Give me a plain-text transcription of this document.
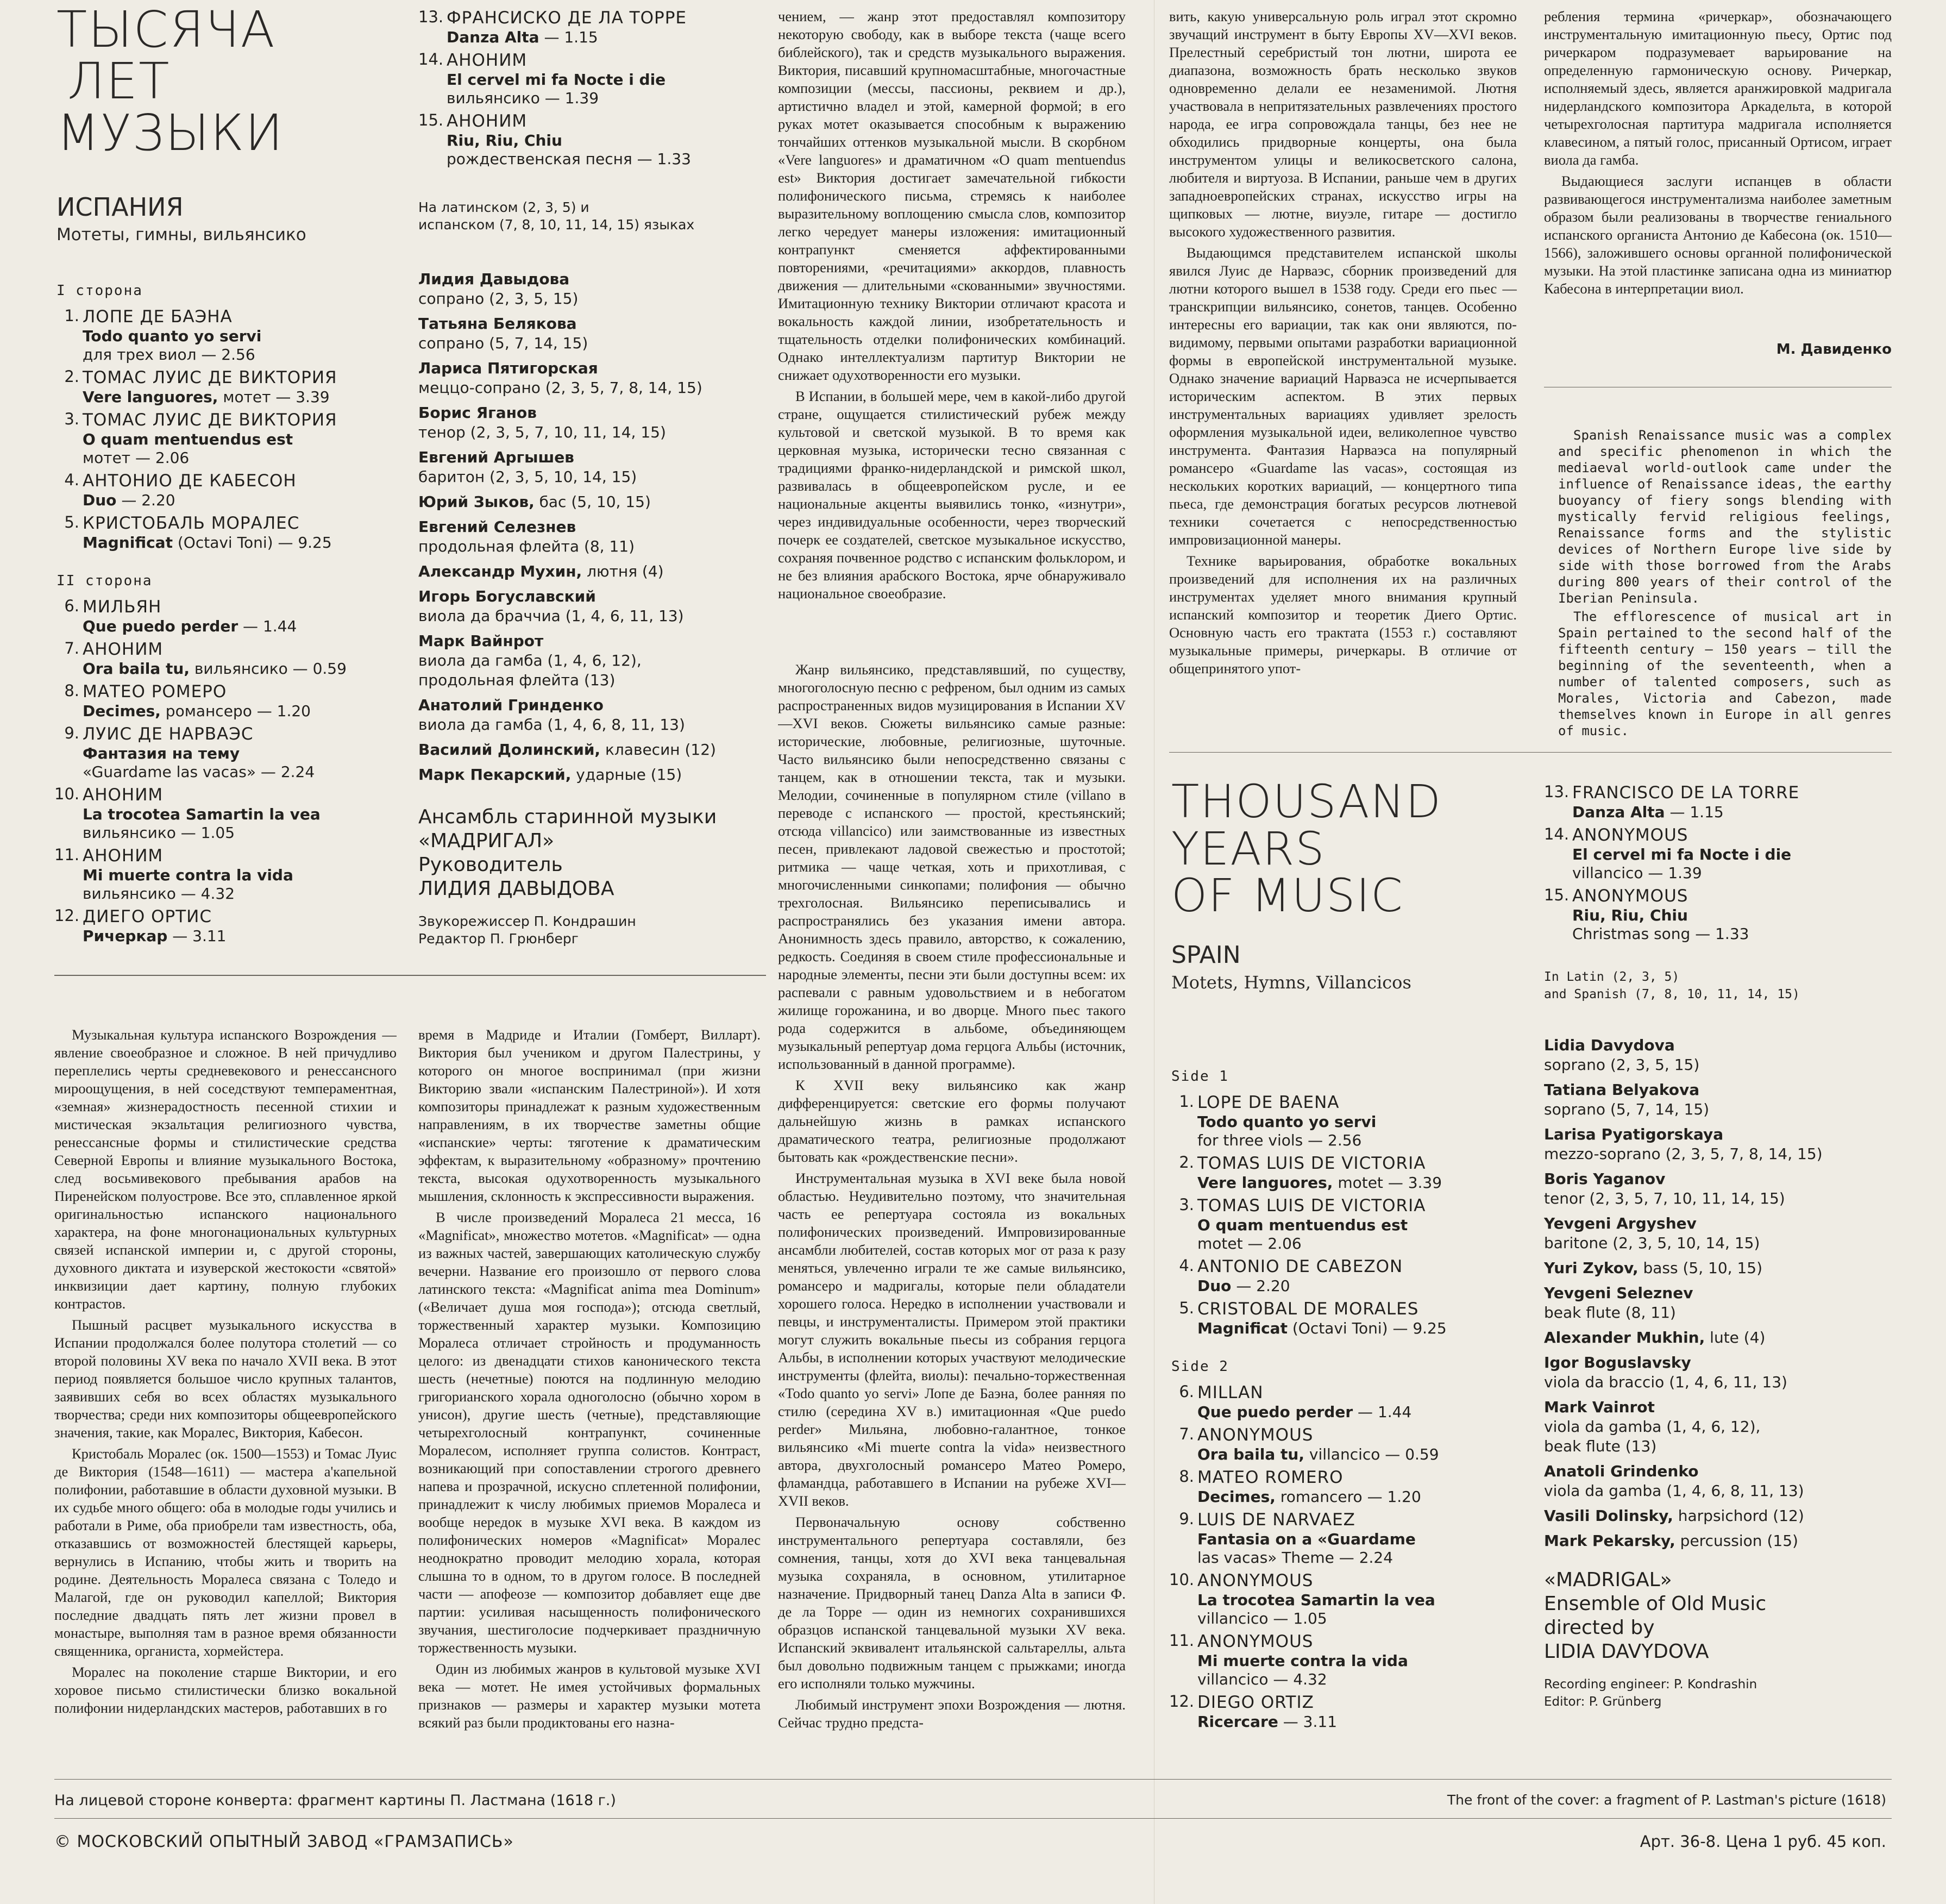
ТЫСЯЧА
ЛЕТ
МУЗЫКИ
ИСПАНИЯ
Мотеты, гимны, вильянсико
I сторона
1. ЛОПЕ ДЕ БАЭНА
Todo quanto yo servi
для трех виол — 2.56
2. ТОМАС ЛУИС ДЕ ВИКТОРИЯ
Vere languores, мотет — 3.39
3. ТОМАС ЛУИС ДЕ ВИКТОРИЯ
O quam mentuendus est
мотет — 2.06
4. АНТОНИО ДЕ КАБЕСОН
Duo — 2.20
5. КРИСТОБАЛЬ МОРАЛЕС
Magnificat (Octavi Toni) — 9.25
II сторона
6. МИЛЬЯН
Que puedo perder — 1.44
7. АНОНИМ
Ora baila tu, вильянсико — 0.59
8. МАТЕО РОМЕРО
Decimes, романсеро — 1.20
9. ЛУИС ДЕ НАРВАЭС
Фантазия на тему
«Guardame las vacas» — 2.24
10. АНОНИМ
La trocotea Samartin la vea
вильянсико — 1.05
11. АНОНИМ
Mi muerte contra la vida
вильянсико — 4.32
12. ДИЕГО ОРТИС
Ричеркар — 3.11
13. ФРАНСИСКО ДЕ ЛА ТОРРЕ
Danza Alta — 1.15
14. АНОНИМ
El cervel mi fa Nocte i die
вильянсико — 1.39
15. АНОНИМ
Riu, Riu, Chiu
рождественская песня — 1.33
На латинском (2, 3, 5) и
испанском (7, 8, 10, 11, 14, 15) языках
Лидия Давыдова
сопрано (2, 3, 5, 15)
Татьяна Белякова
сопрано (5, 7, 14, 15)
Лариса Пятигорская
меццо-сопрано (2, 3, 5, 7, 8, 14, 15)
Борис Яганов
тенор (2, 3, 5, 7, 10, 11, 14, 15)
Евгений Аргышев
баритон (2, 3, 5, 10, 14, 15)
Юрий Зыков, бас (5, 10, 15)
Евгений Селезнев
продольная флейта (8, 11)
Александр Мухин, лютня (4)
Игорь Богуславский
виола да браччиа (1, 4, 6, 11, 13)
Марк Вайнрот
виола да гамба (1, 4, 6, 12),
продольная флейта (13)
Анатолий Гринденко
виола да гамба (1, 4, 6, 8, 11, 13)
Василий Долинский, клавесин (12)
Марк Пекарский, ударные (15)
Ансамбль старинной музыки
«МАДРИГАЛ»
Руководитель
ЛИДИЯ ДАВЫДОВА
Звукорежиссер П. Кондрашин
Редактор П. Грюнберг

Музыкальная культура испанского Возрождения — явление своеобразное и сложное. В ней причудливо переплелись черты средневекового и ренессансного мироощущения, в ней соседствуют темпераментная, «земная» жизнерадостность песенной стихии и мистическая экзальтация религиозного чувства, ренессансные формы и стилистические средства Северной Европы и влияние музыкального Востока, след восьмивекового пребывания арабов на Пиренейском полуострове. Все это, сплавленное яркой оригинальностью испанского национального характера, на фоне многонациональных культурных связей испанской империи и, с другой стороны, духовного диктата и изуверской жестокости «святой» инквизиции дает картину, полную глубоких контрастов.

Пышный расцвет музыкального искусства в Испании продолжался более полутора столетий — со второй половины XV века по начало XVII века. В этот период появляется большое число крупных талантов, заявивших себя во всех областях музыкального творчества; среди них композиторы общеевропейского значения, такие, как Моралес, Виктория, Кабесон.

Кристобаль Моралес (ок. 1500—1553) и Томас Луис де Виктория (1548—1611) — мастера а'капельной полифонии, работавшие в области духовной музыки. В их судьбе много общего: оба в молодые годы учились и работали в Риме, оба приобрели там известность, оба, отказавшись от возможностей блестящей карьеры, вернулись в Испанию, чтобы жить и творить на родине. Деятельность Моралеса связана с Толедо и Малагой, где он руководил капеллой; Виктория последние двадцать пять лет жизни провел в монастыре, выполняя там в разное время обязанности священника, органиста, хормейстера.

Моралес на поколение старше Виктории, и его хоровое письмо стилистически близко вокальной полифонии нидерландских мастеров, работавших в го

время в Мадриде и Италии (Гомберт, Вилларт). Виктория был учеником и другом Палестрины, у которого он многое воспринимал (при жизни Викторию звали «испанским Палестриной»). И хотя композиторы принадлежат к разным художественным направлениям, в их творчестве заметны общие «испанские» черты: тяготение к драматическим эффектам, к выразительному «образному» прочтению текста, высокая одухотворенность музыкального мышления, склонность к экспрессивности выражения.

В числе произведений Моралеса 21 месса, 16 «Magnificat», множество мотетов. «Magnificat» — одна из важных частей, завершающих католическую службу вечерни. Название его произошло от первого слова латинского текста: «Magnificat anima mea Dominum» («Величает душа моя господа»); отсюда светлый, торжественный характер музыки. Композицию Моралеса отличает стройность и продуманность целого: из двенадцати стихов канонического текста шесть (нечетные) поются на подлинную мелодию григорианского хорала одноголосно (обычно хором в унисон), другие шесть (четные), представляющие четырехголосный контрапункт, сочиненные Моралесом, исполняет группа солистов. Контраст, возникающий при сопоставлении строгого древнего напева и прозрачной, искусно сплетенной полифонии, принадлежит к числу любимых приемов Моралеса и вообще нередок в музыке XVI века. В каждом из полифонических номеров «Magnificat» Моралес неоднократно проводит мелодию хорала, которая слышна то в одном, то в другом голосе. В последней части — апофеозе — композитор добавляет еще две партии: усиливая насыщенность полифонического звучания, шестиголосие подчеркивает праздничную торжественность музыки.

Один из любимых жанров в культовой музыке XVI века — мотет. Не имея устойчивых формальных признаков — размеры и характер музыки мотета всякий раз были продиктованы его назна-

чением, — жанр этот предоставлял композитору некоторую свободу, как в выборе текста (чаще всего библейского), так и средств музыкального выражения. Виктория, писавший крупномасштабные, многочастные композиции (мессы, пассионы, реквием и др.), артистично владел и этой, камерной формой; в его руках мотет оказывается способным к выражению тончайших оттенков музыкальной мысли. В скорбном «Vere languores» и драматичном «O quam mentuendus est» Виктория достигает замечательной гибкости полифонического письма, стремясь к наиболее выразительному воплощению смысла слов, композитор легко чередует манеры изложения: имитационный контрапункт сменяется аффектированными повторениями, «речитациями» аккордов, плавность движения — длительными «скованными» звучностями. Имитационную технику Виктории отличают красота и вокальность каждой линии, изобретательность и тщательность отделки полифонических комбинаций. Однако интеллектуализм партитур Виктории не снижает одухотворенности его музыки.

В Испании, в большей мере, чем в какой-либо другой стране, ощущается стилистический рубеж между культовой и светской музыкой. В то время как церковная музыка, исторически тесно связанная с традициями франко-нидерландской и римской школ, развивалась в общеевропейском русле, и ее национальные акценты выявились тонко, «изнутри», через индивидуальные особенности, через творческий почерк ее создателей, светское музыкальное искусство, сохраняя почвенное родство с испанским фольклором, и не без влияния арабского Востока, ярче обнаруживало национальное своеобразие.

Жанр вильянсико, представлявший, по существу, многоголосную песню с рефреном, был одним из самых распространенных видов музицирования в Испании XV—XVI веков. Сюжеты вильянсико самые разные: исторические, любовные, религиозные, шуточные. Часто вильянсико были непосредственно связаны с танцем, как в отношении текста, так и музыки. Мелодии, сочиненные в популярном стиле (villano в переводе с испанского — простой, крестьянский; отсюда villancico) или заимствованные из известных песен, привлекают ладовой свежестью и простотой; ритмика — чаще четкая, хоть и прихотливая, с многочисленными синкопами; полифония — обычно трехголосная. Вильянсико переписывались и распространялись без указания имени автора. Анонимность здесь правило, авторство, к сожалению, редкость. Соединяя в своем стиле профессиональные и народные элементы, песни эти были доступны всем: их распевали с равным удовольствием и в небогатом жилище горожанина, и во дворце. Много пьес такого рода содержится в альбоме, объединяющем музыкальный репертуар дома герцога Альбы (источник, использованный в данной программе).

К XVII веку вильянсико как жанр дифференцируется: светские его формы получают дальнейшую жизнь в рамках испанского драматического театра, религиозные продолжают бытовать как «рождественские песни».

Инструментальная музыка в XVI веке была новой областью. Неудивительно поэтому, что значительная часть ее репертуара состояла из вокальных полифонических произведений. Импровизированные ансамбли любителей, состав которых мог от раза к разу меняться, увлеченно играли те же самые вильянсико, романсеро и мадригалы, которые пели обладатели хорошего голоса. Нередко в исполнении участвовали и певцы, и инструменталисты. Примером этой практики могут служить вокальные пьесы из собрания герцога Альбы, в исполнении которых участвуют мелодические инструменты (флейта, виолы): печально-торжественная «Todo quanto yo servi» Лопе де Баэна, более ранняя по стилю (середина XV в.) имитационная «Que puedo perder» Мильяна, любовно-галантное, тонкое вильянсико «Mi muerte contra la vida» неизвестного автора, двухголосный романсеро Матео Ромеро, фламандца, работавшего в Испании на рубеже XVI—XVII веков.

Первоначальную основу собственно инструментального репертуара составляли, без сомнения, танцы, хотя до XVI века танцевальная музыка сохраняла, в основном, утилитарное назначение. Придворный танец Danza Alta в записи Ф. де ла Торре — один из немногих сохранившихся образцов испанской танцевальной музыки XV века. Испанский эквивалент итальянской сальтареллы, альта был довольно подвижным танцем с прыжками; иногда его исполняли только мужчины.

Любимый инструмент эпохи Возрождения — лютня. Сейчас трудно предста-

вить, какую универсальную роль играл этот скромно звучащий инструмент в быту Европы XV—XVI веков. Прелестный серебристый тон лютни, широта ее диапазона, возможность брать несколько звуков одновременно делали ее незаменимой. Лютня участвовала в непритязательных развлечениях простого народа, ее игра сопровождала танцы, без нее не обходились придворные концерты, она была инструментом улицы и великосветского салона, любителя и виртуоза. В Испании, раньше чем в других западноевропейских странах, искусство игры на щипковых — лютне, виуэле, гитаре — достигло высокого художественного развития.

Выдающимся представителем испанской школы явился Луис де Нарваэс, сборник произведений для лютни которого вышел в 1538 году. Среди его пьес — транскрипции вильянсико, сонетов, танцев. Особенно интересны его вариации, так как они являются, по-видимому, первыми опытами разработки вариационной формы в европейской инструментальной музыке. Однако значение вариаций Нарваэса не исчерпывается историческим аспектом. В этих первых инструментальных вариациях удивляет зрелость оформления музыкальной идеи, великолепное чувство инструмента. Фантазия Нарваэса на популярный романсеро «Guardame las vacas», состоящая из нескольких коротких вариаций, — концертного типа пьеса, где демонстрация богатых ресурсов лютневой техники сочетается с непосредственностью импровизационной манеры.

Технике варьирования, обработке вокальных произведений для исполнения их на различных инструментах уделяет много внимания крупный испанский композитор и теоретик Диего Ортис. Основную часть его трактата (1553 г.) составляют музыкальные примеры, ричеркары. В отличие от общепринятого упот-

ребления термина «ричеркар», обозначающего инструментальную имитационную пьесу, Ортис под ричеркаром подразумевает варьирование на определенную гармоническую основу. Ричеркар, исполняемый здесь, является аранжировкой мадригала нидерландского композитора Аркадельта, в которой четырехголосная партитура мадригала исполняется клавесином, а пятый голос, присанный Ортисом, играет виола да гамба.

Выдающиеся заслуги испанцев в области развивающегося инструментализма наиболее заметным образом были реализованы в творчестве гениального испанского органиста Антонио де Кабесона (ок. 1510—1566), заложившего основы органной полифонической музыки. На этой пластинке записана одна из миниатюр Кабесона в интерпретации виол.

М. Давиденко

Spanish Renaissance music was a complex and specific phenomenon in which the mediaeval world-outlook came under the influence of Renaissance ideas, the earthy buoyancy of fiery songs blending with mystically fervid religious feelings, Renaissance forms and the stylistic devices of Northern Europe live side by side with those borrowed from the Arabs during 800 years of their control of the Iberian Peninsula.

The efflorescence of musical art in Spain pertained to the second half of the fifteenth century — 150 years — till the beginning of the seventeenth, when a number of talented composers, such as Morales, Victoria and Cabezon, made themselves known in Europe in all genres of music.

THOUSAND
YEARS
OF MUSIC
SPAIN
Motets, Hymns, Villancicos
Side 1
1. LOPE DE BAENA
Todo quanto yo servi
for three viols — 2.56
2. TOMAS LUIS DE VICTORIA
Vere languores, motet — 3.39
3. TOMAS LUIS DE VICTORIA
O quam mentuendus est
motet — 2.06
4. ANTONIO DE CABEZON
Duo — 2.20
5. CRISTOBAL DE MORALES
Magnificat (Octavi Toni) — 9.25
Side 2
6. MILLAN
Que puedo perder — 1.44
7. ANONYMOUS
Ora baila tu, villancico — 0.59
8. MATEO ROMERO
Decimes, romancero — 1.20
9. LUIS DE NARVAEZ
Fantasia on a «Guardame
las vacas» Theme — 2.24
10. ANONYMOUS
La trocotea Samartin la vea
villancico — 1.05
11. ANONYMOUS
Mi muerte contra la vida
villancico — 4.32
12. DIEGO ORTIZ
Ricercare — 3.11
13. FRANCISCO DE LA TORRE
Danza Alta — 1.15
14. ANONYMOUS
El cervel mi fa Nocte i die
villancico — 1.39
15. ANONYMOUS
Riu, Riu, Chiu
Christmas song — 1.33
In Latin (2, 3, 5)
and Spanish (7, 8, 10, 11, 14, 15)
Lidia Davydova
soprano (2, 3, 5, 15)
Tatiana Belyakova
soprano (5, 7, 14, 15)
Larisa Pyatigorskaya
mezzo-soprano (2, 3, 5, 7, 8, 14, 15)
Boris Yaganov
tenor (2, 3, 5, 7, 10, 11, 14, 15)
Yevgeni Argyshev
baritone (2, 3, 5, 10, 14, 15)
Yuri Zykov, bass (5, 10, 15)
Yevgeni Seleznev
beak flute (8, 11)
Alexander Mukhin, lute (4)
Igor Boguslavsky
viola da braccio (1, 4, 6, 11, 13)
Mark Vainrot
viola da gamba (1, 4, 6, 12),
beak flute (13)
Anatoli Grindenko
viola da gamba (1, 4, 6, 8, 11, 13)
Vasili Dolinsky, harpsichord (12)
Mark Pekarsky, percussion (15)
«MADRIGAL»
Ensemble of Old Music
directed by
LIDIA DAVYDOVA
Recording engineer: P. Kondrashin
Editor: P. Grünberg
На лицевой стороне конверта: фрагмент картины П. Ластмана (1618 г.)	The front of the cover: a fragment of P. Lastman's picture (1618)
© МОСКОВСКИЙ ОПЫТНЫЙ ЗАВОД «ГРАМЗАПИСЬ»	Арт. 36-8. Цена 1 руб. 45 коп.
